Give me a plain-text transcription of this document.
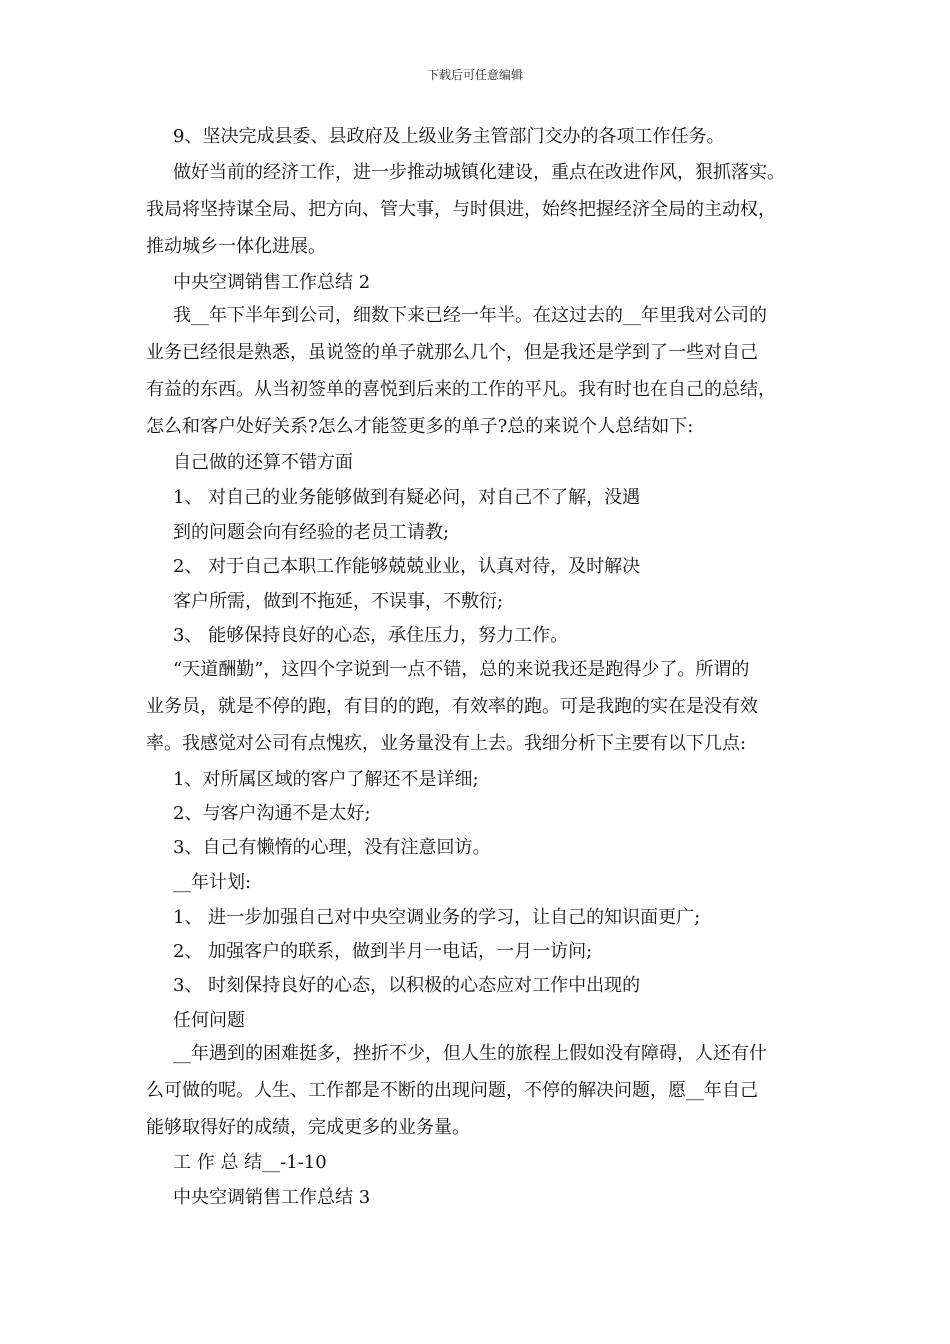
下载后可任意编辑
9、坚决完成县委、县政府及上级业务主管部门交办的各项工作任务。
做好当前的经济工作，进一步推动城镇化建设，重点在改进作风，狠抓落实。
我局将坚持谋全局、把方向、管大事，与时俱进，始终把握经济全局的主动权，
推动城乡一体化进展。
中央空调销售工作总结 2
我__年下半年到公司，细数下来已经一年半。在这过去的__年里我对公司的
业务已经很是熟悉，虽说签的单子就那么几个，但是我还是学到了一些对自己
有益的东西。从当初签单的喜悦到后来的工作的平凡。我有时也在自己的总结，
怎么和客户处好关系?怎么才能签更多的单子?总的来说个人总结如下:
自己做的还算不错方面
1、 对自己的业务能够做到有疑必问，对自己不了解，没遇
到的问题会向有经验的老员工请教;
2、 对于自己本职工作能够兢兢业业，认真对待，及时解决
客户所需，做到不拖延，不误事，不敷衍;
3、 能够保持良好的心态，承住压力，努力工作。
“天道酬勤”，这四个字说到一点不错，总的来说我还是跑得少了。所谓的
业务员，就是不停的跑，有目的的跑，有效率的跑。可是我跑的实在是没有效
率。我感觉对公司有点愧疚，业务量没有上去。我细分析下主要有以下几点:
1、对所属区域的客户了解还不是详细;
2、与客户沟通不是太好;
3、自己有懒惰的心理，没有注意回访。
__年计划:
1、 进一步加强自己对中央空调业务的学习，让自己的知识面更广;
2、 加强客户的联系，做到半月一电话，一月一访问;
3、 时刻保持良好的心态，以积极的心态应对工作中出现的
任何问题
__年遇到的困难挺多，挫折不少，但人生的旅程上假如没有障碍，人还有什
么可做的呢。人生、工作都是不断的出现问题，不停的解决问题，愿__年自己
能够取得好的成绩，完成更多的业务量。
工 作 总 结__-1-10
中央空调销售工作总结 3
